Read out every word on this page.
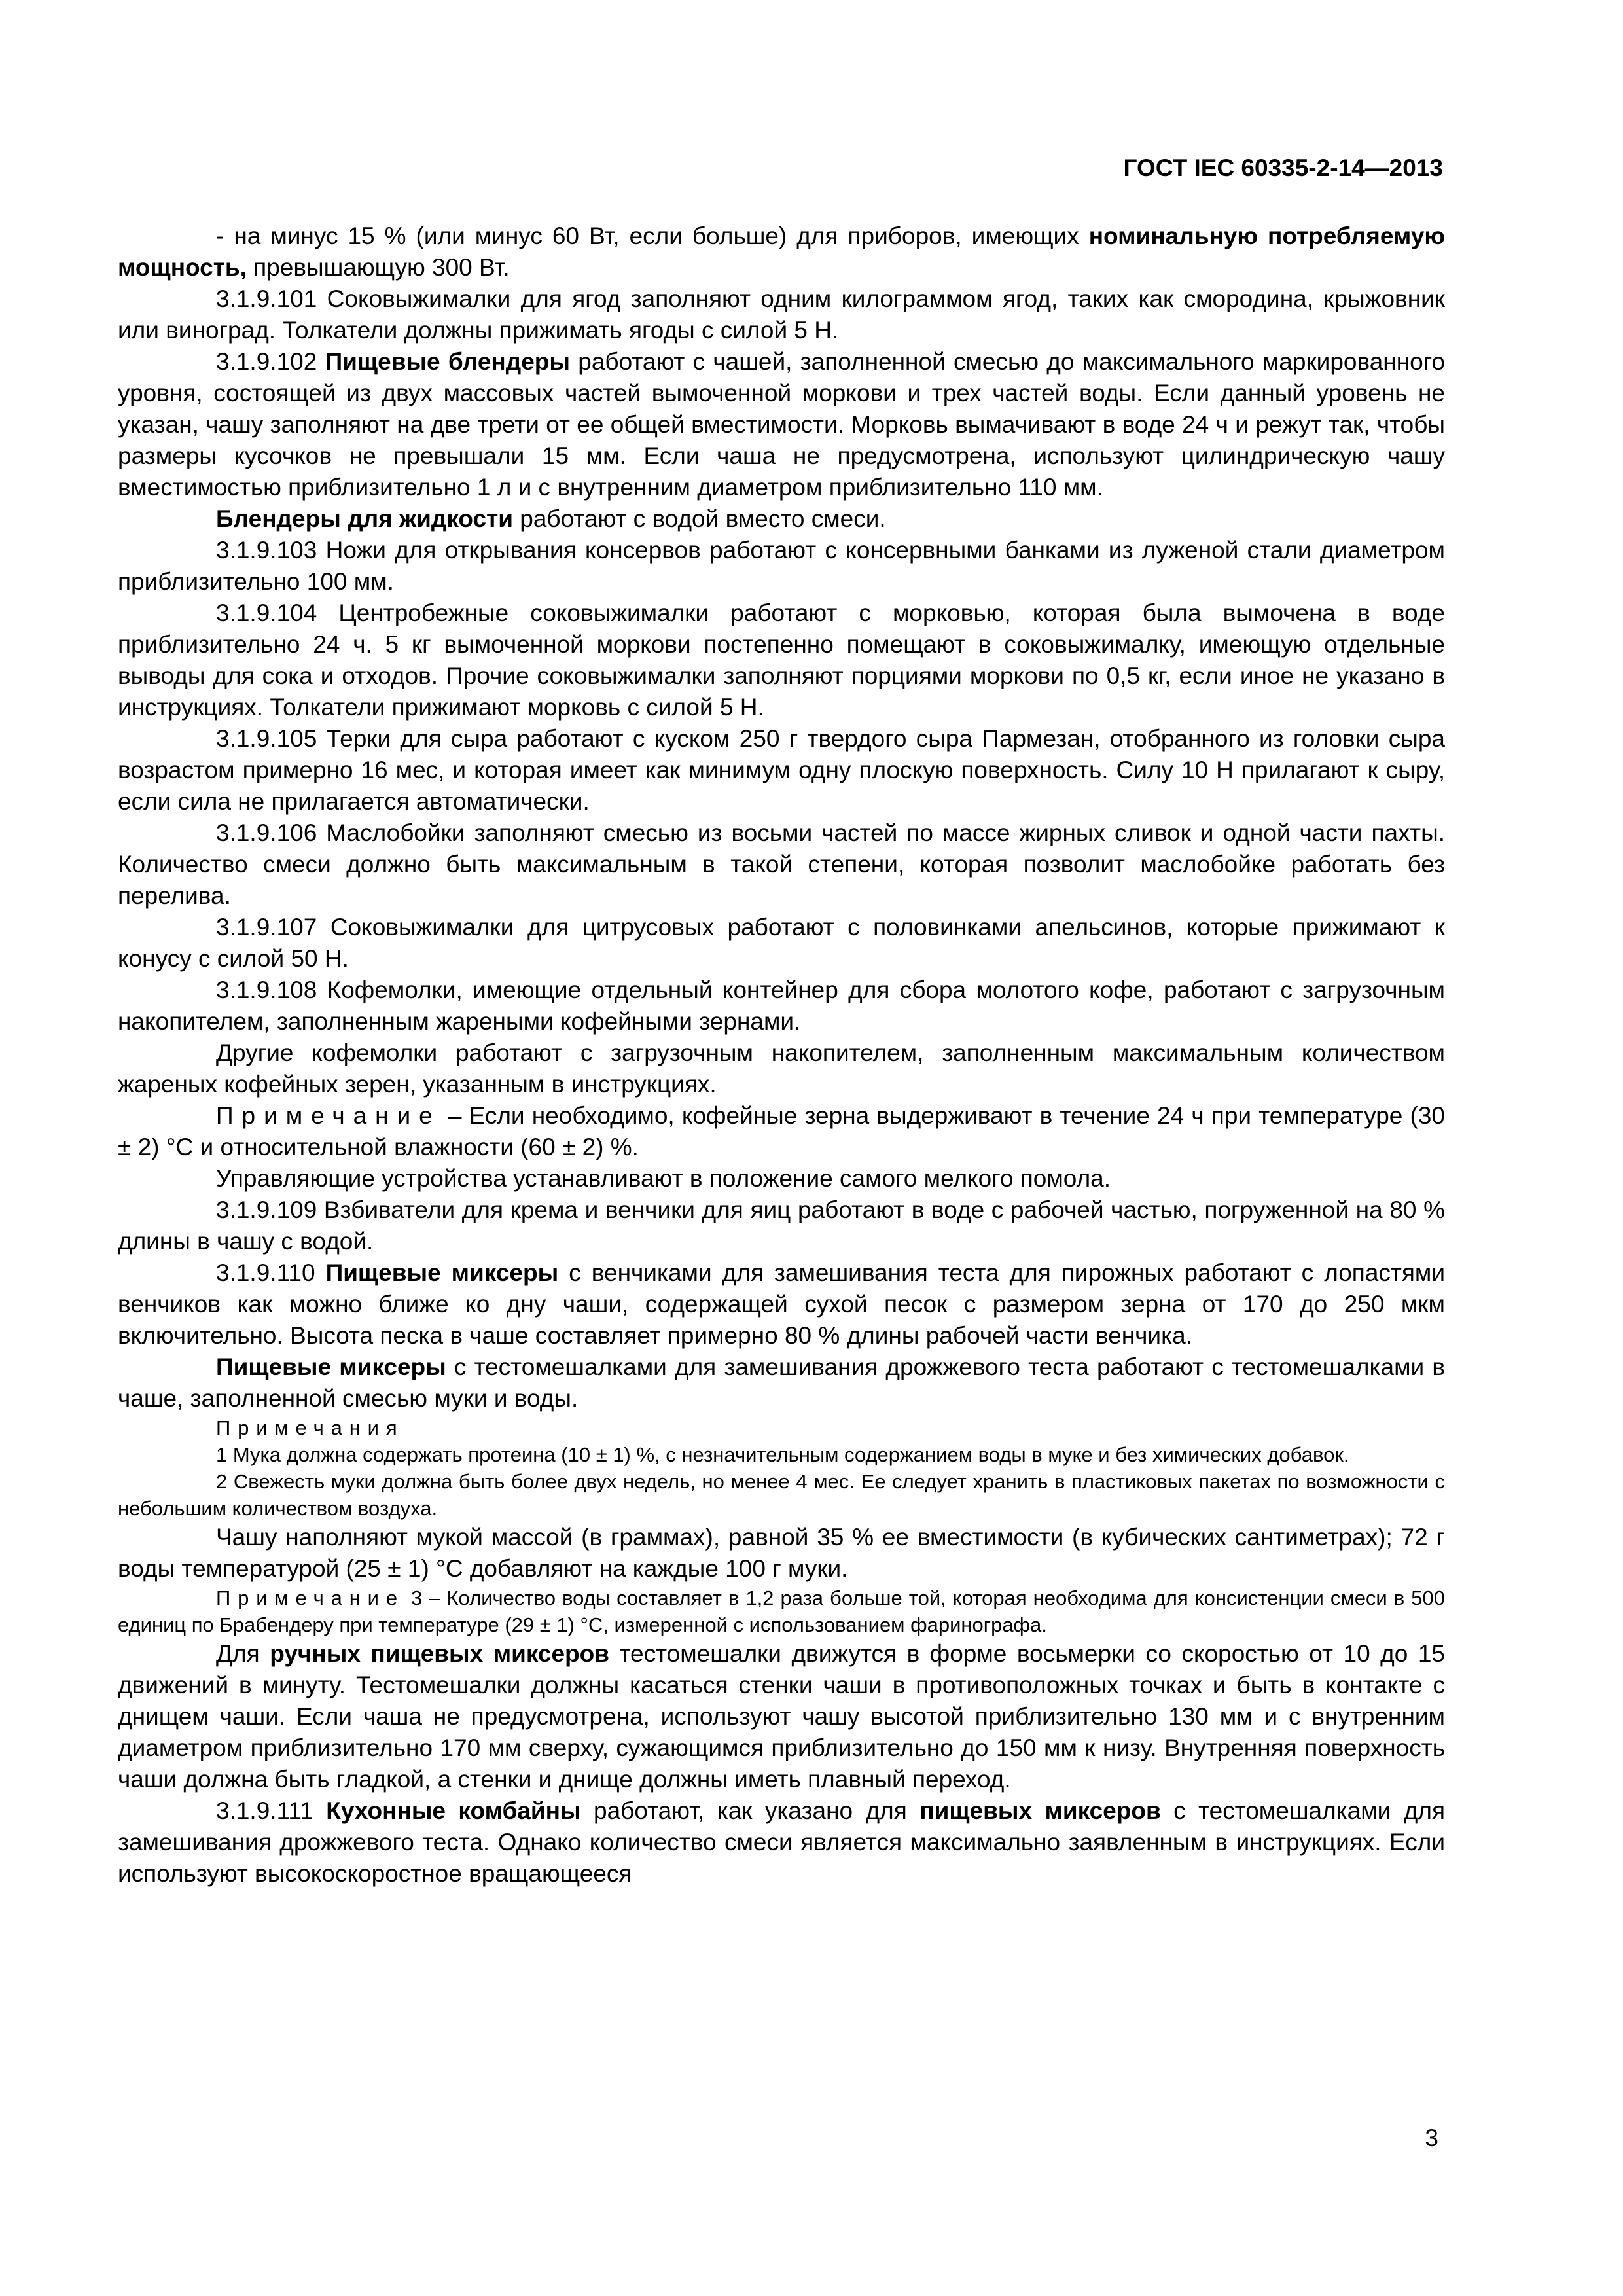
ГОСТ IEC 60335-2-14—2013

- на минус 15 % (или минус 60 Вт, если больше) для приборов, имеющих номинальную потребляемую мощность, превышающую 300 Вт.

3.1.9.101 Соковыжималки для ягод заполняют одним килограммом ягод, таких как смородина, крыжовник или виноград. Толкатели должны прижимать ягоды с силой 5 Н.

3.1.9.102 Пищевые блендеры работают с чашей, заполненной смесью до максимального маркированного уровня, состоящей из двух массовых частей вымоченной моркови и трех частей воды. Если данный уровень не указан, чашу заполняют на две трети от ее общей вместимости. Морковь вымачивают в воде 24 ч и режут так, чтобы размеры кусочков не превышали 15 мм. Если чаша не предусмотрена, используют цилиндрическую чашу вместимостью приблизительно 1 л и с внутренним диаметром приблизительно 110 мм.

Блендеры для жидкости работают с водой вместо смеси.

3.1.9.103 Ножи для открывания консервов работают с консервными банками из луженой стали диаметром приблизительно 100 мм.

3.1.9.104 Центробежные соковыжималки работают с морковью, которая была вымочена в воде приблизительно 24 ч. 5 кг вымоченной моркови постепенно помещают в соковыжималку, имеющую отдельные выводы для сока и отходов. Прочие соковыжималки заполняют порциями моркови по 0,5 кг, если иное не указано в инструкциях. Толкатели прижимают морковь с силой 5 Н.

3.1.9.105 Терки для сыра работают с куском 250 г твердого сыра Пармезан, отобранного из головки сыра возрастом примерно 16 мес, и которая имеет как минимум одну плоскую поверхность. Силу 10 Н прилагают к сыру, если сила не прилагается автоматически.

3.1.9.106 Маслобойки заполняют смесью из восьми частей по массе жирных сливок и одной части пахты. Количество смеси должно быть максимальным в такой степени, которая позволит маслобойке работать без перелива.

3.1.9.107 Соковыжималки для цитрусовых работают с половинками апельсинов, которые прижимают к конусу с силой 50 Н.

3.1.9.108 Кофемолки, имеющие отдельный контейнер для сбора молотого кофе, работают с загрузочным накопителем, заполненным жареными кофейными зернами.

Другие кофемолки работают с загрузочным накопителем, заполненным максимальным количеством жареных кофейных зерен, указанным в инструкциях.

Примечание – Если необходимо, кофейные зерна выдерживают в течение 24 ч при температуре (30 ± 2) °С и относительной влажности (60 ± 2) %.

Управляющие устройства устанавливают в положение самого мелкого помола.

3.1.9.109 Взбиватели для крема и венчики для яиц работают в воде с рабочей частью, погруженной на 80 % длины в чашу с водой.

3.1.9.110 Пищевые миксеры с венчиками для замешивания теста для пирожных работают с лопастями венчиков как можно ближе ко дну чаши, содержащей сухой песок с размером зерна от 170 до 250 мкм включительно. Высота песка в чаше составляет примерно 80 % длины рабочей части венчика.

Пищевые миксеры с тестомешалками для замешивания дрожжевого теста работают с тестомешалками в чаше, заполненной смесью муки и воды.

Примечания

1 Мука должна содержать протеина (10 ± 1) %, с незначительным содержанием воды в муке и без химических добавок.

2 Свежесть муки должна быть более двух недель, но менее 4 мес. Ее следует хранить в пластиковых пакетах по возможности с небольшим количеством воздуха.

Чашу наполняют мукой массой (в граммах), равной 35 % ее вместимости (в кубических сантиметрах); 72 г воды температурой (25 ± 1) °С добавляют на каждые 100 г муки.

Примечание 3 – Количество воды составляет в 1,2 раза больше той, которая необходима для консистенции смеси в 500 единиц по Брабендеру при температуре (29 ± 1) °С, измеренной с использованием фаринографа.

Для ручных пищевых миксеров тестомешалки движутся в форме восьмерки со скоростью от 10 до 15 движений в минуту. Тестомешалки должны касаться стенки чаши в противоположных точках и быть в контакте с днищем чаши. Если чаша не предусмотрена, используют чашу высотой приблизительно 130 мм и с внутренним диаметром приблизительно 170 мм сверху, сужающимся приблизительно до 150 мм к низу. Внутренняя поверхность чаши должна быть гладкой, а стенки и днище должны иметь плавный переход.

3.1.9.111 Кухонные комбайны работают, как указано для пищевых миксеров с тестомешалками для замешивания дрожжевого теста. Однако количество смеси является максимально заявленным в инструкциях. Если используют высокоскоростное вращающееся

3
